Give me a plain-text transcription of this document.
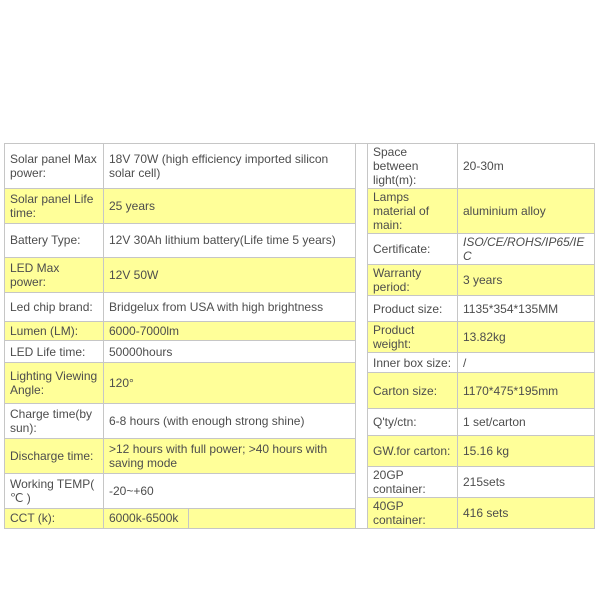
Solar panel Max power:	18V 70W (high efficiency imported silicon solar cell)	
Solar panel Life time:	25 years	
Battery Type:	12V 30Ah lithium battery(Life time 5 years)	
LED Max power:	12V 50W	
Led chip brand:	Bridgelux from USA with high brightness	
Lumen (LM):	6000-7000lm	
LED Life time:	50000hours	
Lighting Viewing Angle:	120°	
Charge time(by sun):	6-8 hours (with enough strong shine)	
Discharge time:	>12 hours with full power; >40 hours with saving mode	
Working TEMP( ℃ )	-20~+60	
CCT (k):	6000k-6500k	
Space between light(m):	20-30m
Lamps material of main:	aluminium alloy
Certificate:	ISO/CE/ROHS/IP65/IEC
Warranty period:	3 years
Product size:	1135*354*135MM
Product weight:	13.82kg
Inner box size:	/
Carton size:	1170*475*195mm
Q'ty/ctn:	1 set/carton
GW.for carton:	15.16 kg
20GP container:	215sets
40GP container:	416 sets
